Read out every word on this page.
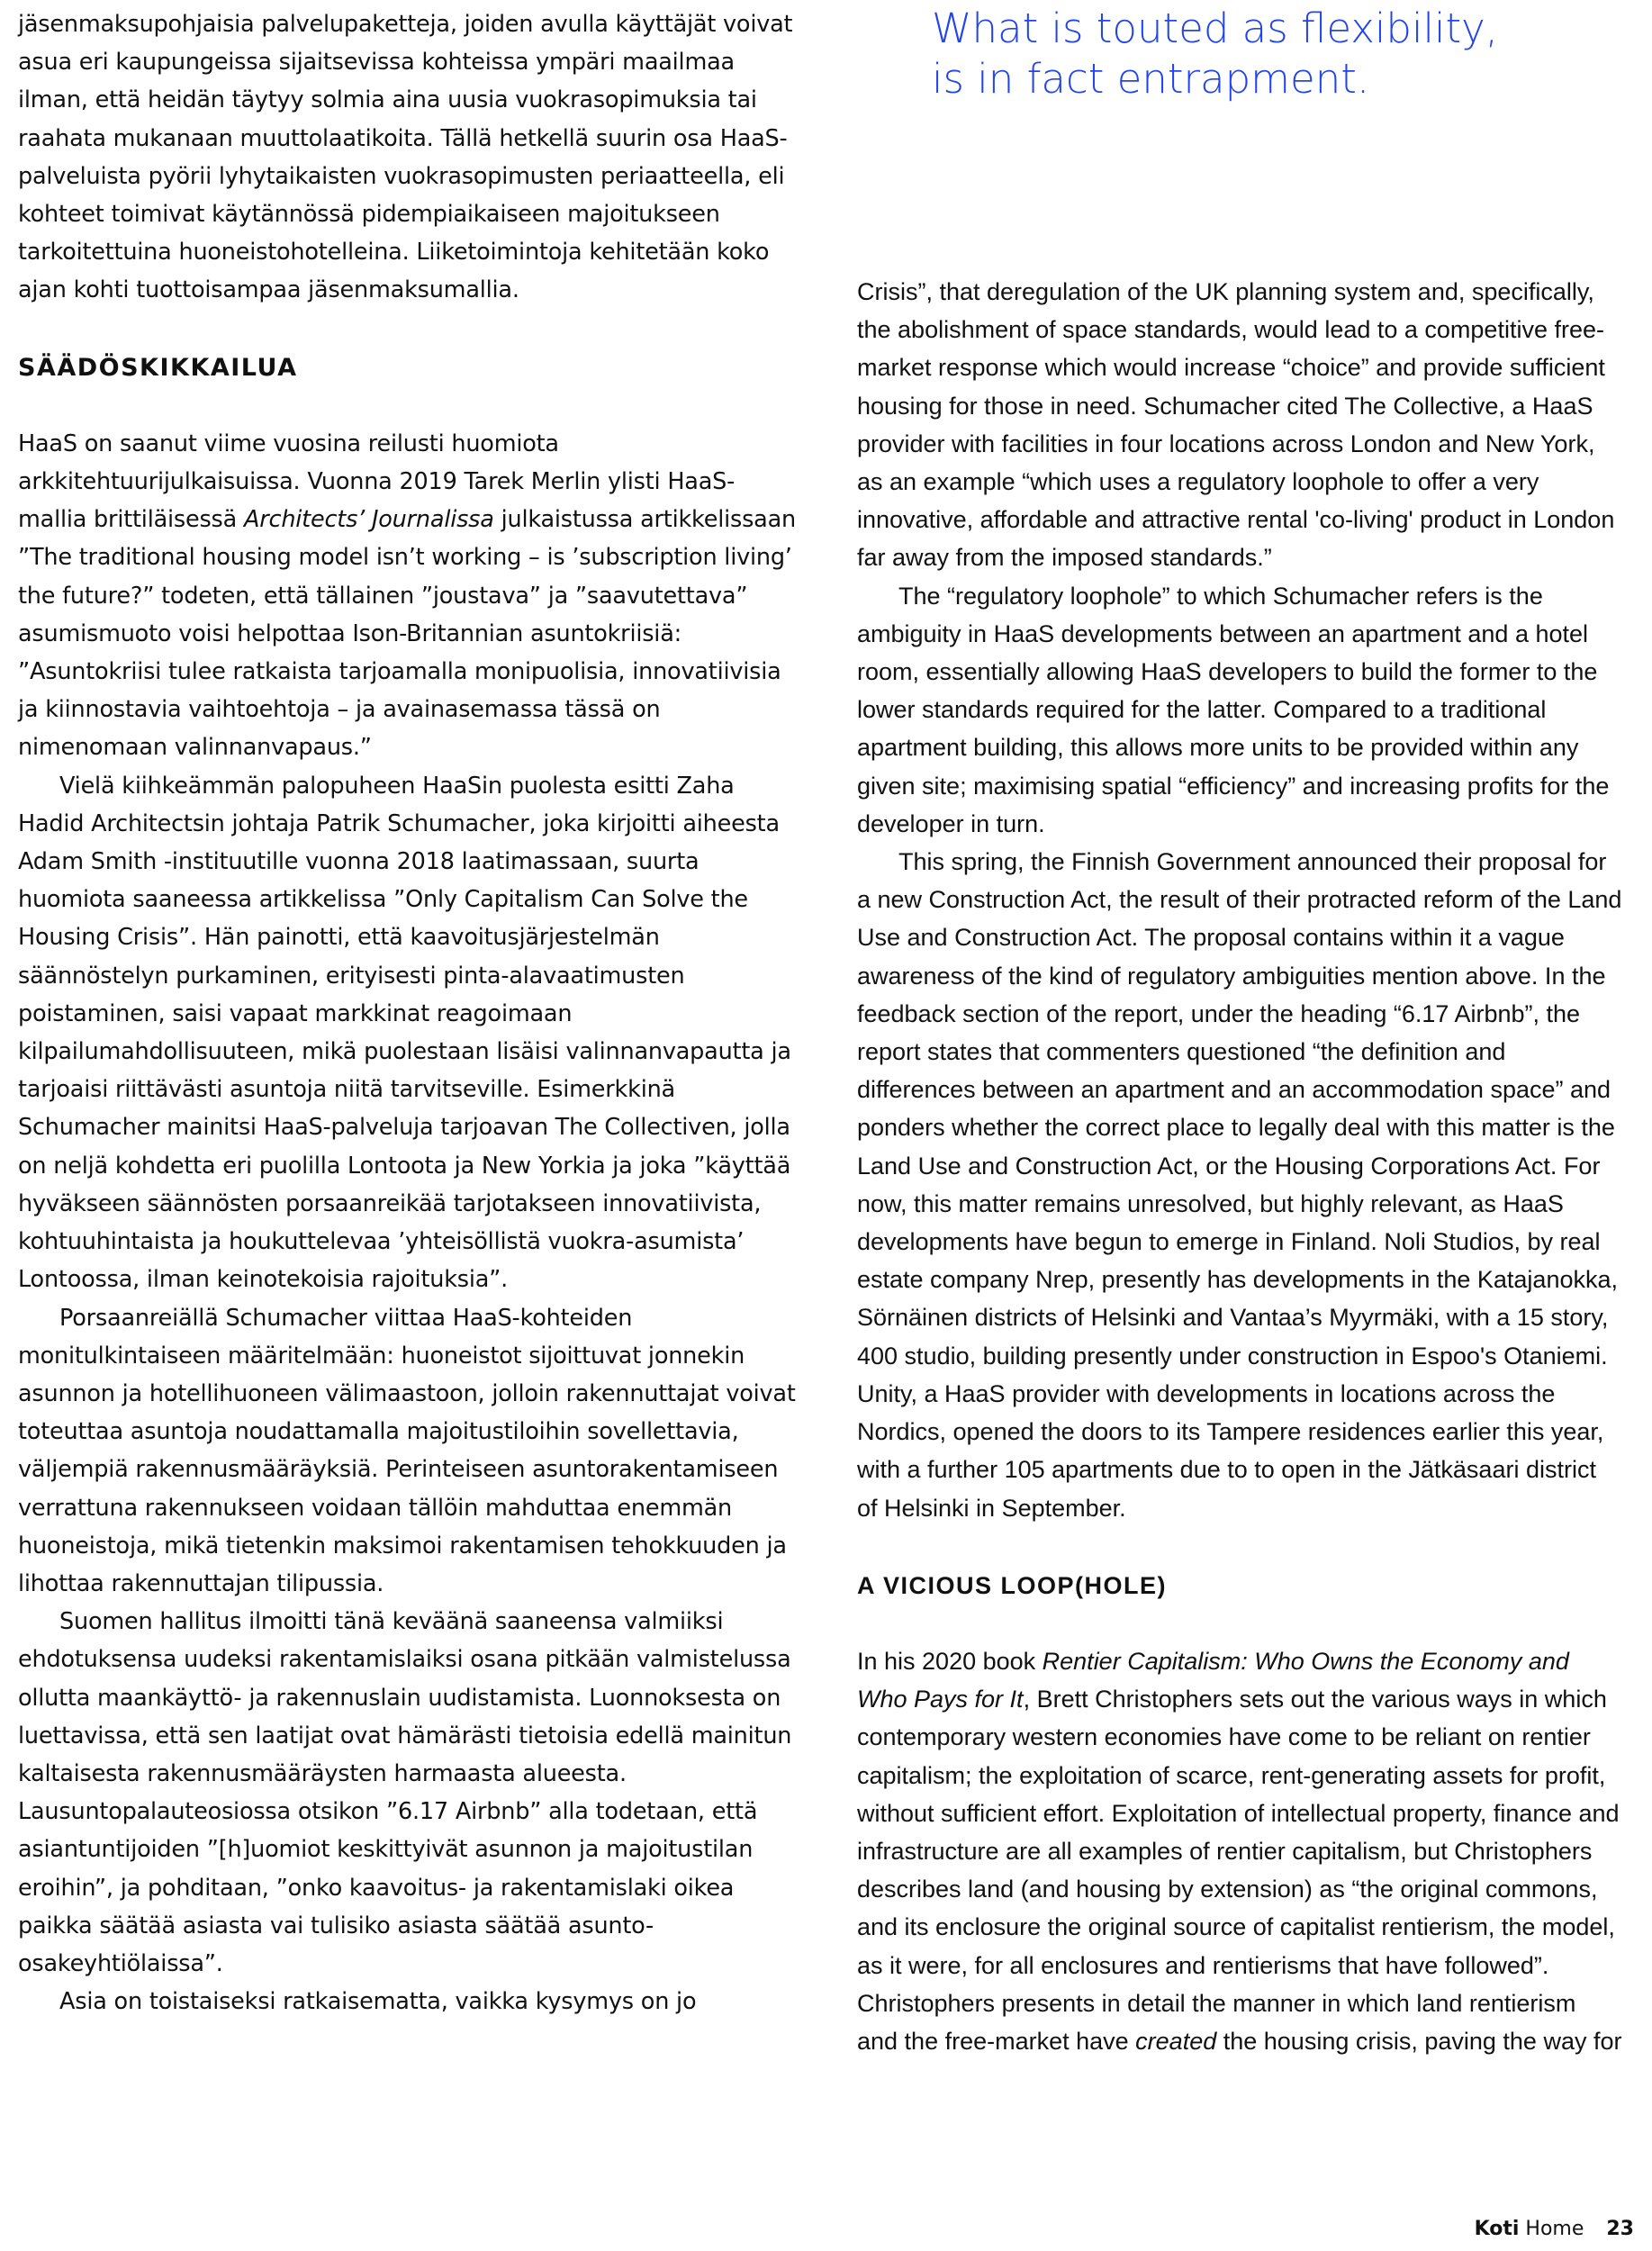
What is touted as flexibility,
is in fact entrapment.

jäsenmaksupohjaisia palvelupaketteja, joiden avulla käyttäjät voivat asua eri kaupungeissa sijaitsevissa kohteissa ympäri maailmaa ilman, että heidän täytyy solmia aina uusia vuokrasopimuksia tai raahata mukanaan muuttolaatikoita. Tällä hetkellä suurin osa HaaS-palveluista pyörii lyhytaikaisten vuokrasopimusten periaatteella, eli kohteet toimivat käytännössä pidempiaikaiseen majoitukseen tarkoitettuina huoneistohotelleina. Liiketoimintoja kehitetään koko ajan kohti tuottoisampaa jäsenmaksumallia.

SÄÄDÖSKIKKAILUA

HaaS on saanut viime vuosina reilusti huomiota arkkitehtuurijulkaisuissa. Vuonna 2019 Tarek Merlin ylisti HaaS-mallia brittiläisessä Architects’ Journalissa julkaistussa artikkelissaan ”The traditional housing model isn’t working – is ’subscription living’ the future?” todeten, että tällainen ”joustava” ja ”saavutettava” asumismuoto voisi helpottaa Ison-Britannian asuntokriisiä: ”Asuntokriisi tulee ratkaista tarjoamalla monipuolisia, innovatiivisia ja kiinnostavia vaihtoehtoja – ja avainasemassa tässä on nimenomaan valinnanvapaus.”

Vielä kiihkeämmän palopuheen HaaSin puolesta esitti Zaha Hadid Architectsin johtaja Patrik Schumacher, joka kirjoitti aiheesta Adam Smith -instituutille vuonna 2018 laatimassaan, suurta huomiota saaneessa artikkelissa ”Only Capitalism Can Solve the Housing Crisis”. Hän painotti, että kaavoitusjärjestelmän säännöstelyn purkaminen, erityisesti pinta-alavaatimusten poistaminen, saisi vapaat markkinat reagoimaan kilpailumahdollisuuteen, mikä puolestaan lisäisi valinnanvapautta ja tarjoaisi riittävästi asuntoja niitä tarvitseville. Esimerkkinä Schumacher mainitsi HaaS-palveluja tarjoavan The Collectiven, jolla on neljä kohdetta eri puolilla Lontoota ja New Yorkia ja joka ”käyttää hyväkseen säännösten porsaanreikää tarjotakseen innovatiivista, kohtuuhintaista ja houkuttelevaa ’yhteisöllistä vuokra-asumista’ Lontoossa, ilman keinotekoisia rajoituksia”.

Porsaanreiällä Schumacher viittaa HaaS-kohteiden monitulkintaiseen määritelmään: huoneistot sijoittuvat jonnekin asunnon ja hotellihuoneen välimaastoon, jolloin rakennuttajat voivat toteuttaa asuntoja noudattamalla majoitustiloihin sovellettavia, väljempiä rakennusmääräyksiä. Perinteiseen asuntorakentamiseen verrattuna rakennukseen voidaan tällöin mahduttaa enemmän huoneistoja, mikä tietenkin maksimoi rakentamisen tehokkuuden ja lihottaa rakennuttajan tilipussia.

Suomen hallitus ilmoitti tänä keväänä saaneensa valmiiksi ehdotuksensa uudeksi rakentamislaiksi osana pitkään valmistelussa ollutta maankäyttö- ja rakennuslain uudistamista. Luonnoksesta on luettavissa, että sen laatijat ovat hämärästi tietoisia edellä mainitun kaltaisesta rakennusmääräysten harmaasta alueesta. Lausuntopalauteosiossa otsikon ”6.17 Airbnb” alla todetaan, että asiantuntijoiden ”[h]uomiot keskittyivät asunnon ja majoitustilan eroihin”, ja pohditaan, ”onko kaavoitus- ja rakentamislaki oikea paikka säätää asiasta vai tulisiko asiasta säätää asunto-osakeyhtiölaissa”.

Asia on toistaiseksi ratkaisematta, vaikka kysymys on jo

Crisis”, that deregulation of the UK planning system and, specifically, the abolishment of space standards, would lead to a competitive free-market response which would increase “choice” and provide sufficient housing for those in need. Schumacher cited The Collective, a HaaS provider with facilities in four locations across London and New York, as an example “which uses a regulatory loophole to offer a very innovative, affordable and attractive rental 'co-living' product in London far away from the imposed standards.”

The “regulatory loophole” to which Schumacher refers is the ambiguity in HaaS developments between an apartment and a hotel room, essentially allowing HaaS developers to build the former to the lower standards required for the latter. Compared to a traditional apartment building, this allows more units to be provided within any given site; maximising spatial “efficiency” and increasing profits for the developer in turn.

This spring, the Finnish Government announced their proposal for a new Construction Act, the result of their protracted reform of the Land Use and Construction Act. The proposal contains within it a vague awareness of the kind of regulatory ambiguities mention above. In the feedback section of the report, under the heading “6.17 Airbnb”, the report states that commenters questioned “the definition and differences between an apartment and an accommodation space” and ponders whether the correct place to legally deal with this matter is the Land Use and Construction Act, or the Housing Corporations Act. For now, this matter remains unresolved, but highly relevant, as HaaS developments have begun to emerge in Finland. Noli Studios, by real estate company Nrep, presently has developments in the Katajanokka, Sörnäinen districts of Helsinki and Vantaa’s Myyrmäki, with a 15 story, 400 studio, building presently under construction in Espoo's Otaniemi. Unity, a HaaS provider with developments in locations across the Nordics, opened the doors to its Tampere residences earlier this year, with a further 105 apartments due to to open in the Jätkäsaari district of Helsinki in September.

A VICIOUS LOOP(HOLE)

In his 2020 book Rentier Capitalism: Who Owns the Economy and Who Pays for It, Brett Christophers sets out the various ways in which contemporary western economies have come to be reliant on rentier capitalism; the exploitation of scarce, rent-generating assets for profit, without sufficient effort. Exploitation of intellectual property, finance and infrastructure are all examples of rentier capitalism, but Christophers describes land (and housing by extension) as “the original commons, and its enclosure the original source of capitalist rentierism, the model, as it were, for all enclosures and rentierisms that have followed”. Christophers presents in detail the manner in which land rentierism and the free-market have created the housing crisis, paving the way for

Koti Home 23
